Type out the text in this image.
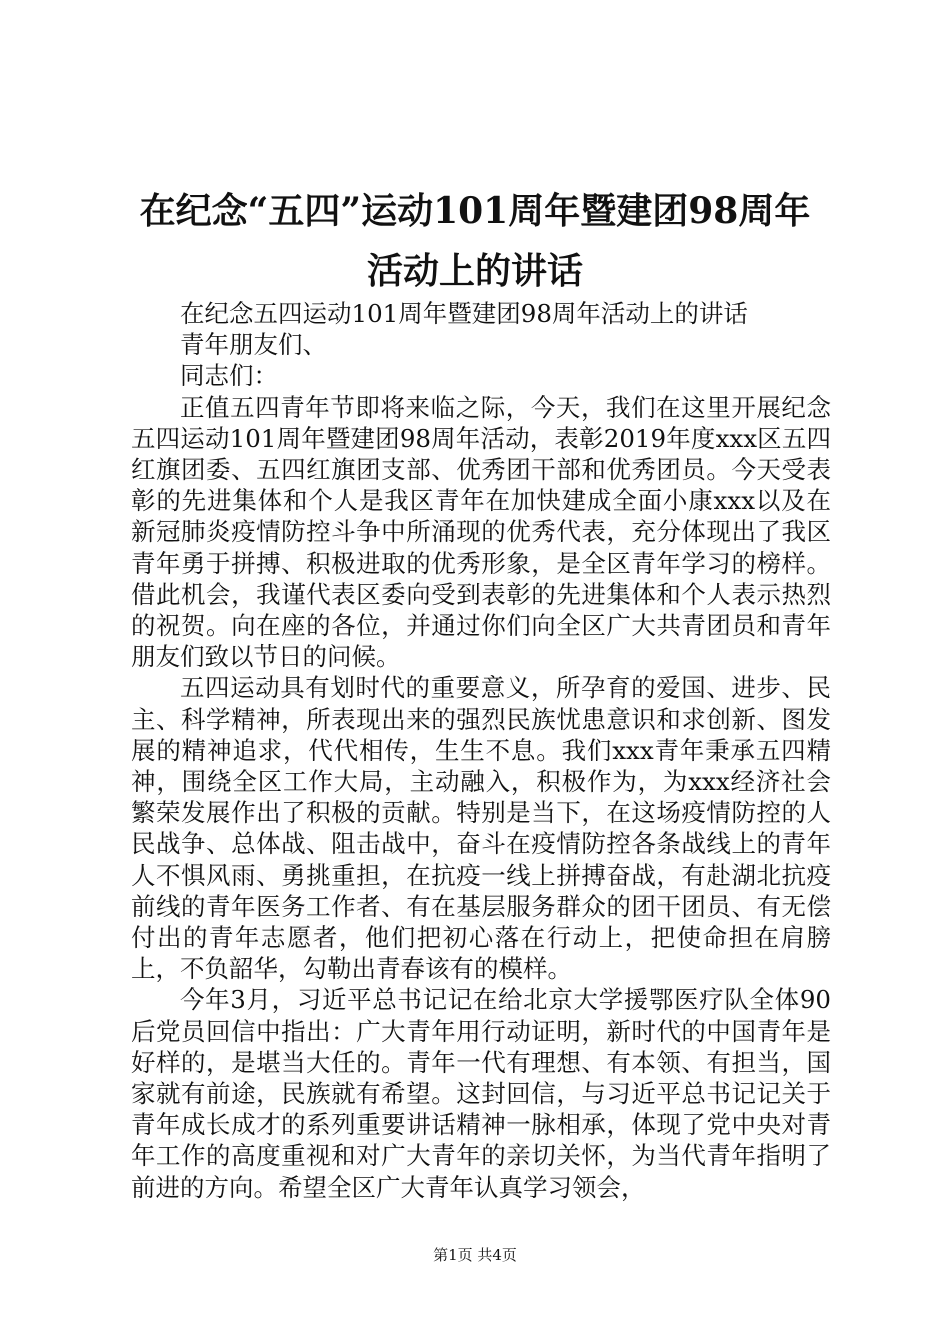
在纪念“五四”运动101周年暨建团98周年
活动上的讲话

在纪念五四运动101周年暨建团98周年活动上的讲话

青年朋友们、

同志们：

正值五四青年节即将来临之际，今天，我们在这里开展纪念五四运动101周年暨建团98周年活动，表彰2019年度xxx区五四红旗团委、五四红旗团支部、优秀团干部和优秀团员。今天受表彰的先进集体和个人是我区青年在加快建成全面小康xxx以及在新冠肺炎疫情防控斗争中所涌现的优秀代表，充分体现出了我区青年勇于拼搏、积极进取的优秀形象，是全区青年学习的榜样。借此机会，我谨代表区委向受到表彰的先进集体和个人表示热烈的祝贺。向在座的各位，并通过你们向全区广大共青团员和青年朋友们致以节日的问候。

五四运动具有划时代的重要意义，所孕育的爱国、进步、民主、科学精神，所表现出来的强烈民族忧患意识和求创新、图发展的精神追求，代代相传，生生不息。我们xxx青年秉承五四精神，围绕全区工作大局，主动融入，积极作为，为xxx经济社会繁荣发展作出了积极的贡献。特别是当下，在这场疫情防控的人民战争、总体战、阻击战中，奋斗在疫情防控各条战线上的青年人不惧风雨、勇挑重担，在抗疫一线上拼搏奋战，有赴湖北抗疫前线的青年医务工作者、有在基层服务群众的团干团员、有无偿付出的青年志愿者，他们把初心落在行动上，把使命担在肩膀上，不负韶华，勾勒出青春该有的模样。

今年3月，习近平总书记记在给北京大学援鄂医疗队全体90后党员回信中指出：广大青年用行动证明，新时代的中国青年是好样的，是堪当大任的。青年一代有理想、有本领、有担当，国家就有前途，民族就有希望。这封回信，与习近平总书记记关于青年成长成才的系列重要讲话精神一脉相承，体现了党中央对青年工作的高度重视和对广大青年的亲切关怀，为当代青年指明了前进的方向。希望全区广大青年认真学习领会，

第1页 共4页
